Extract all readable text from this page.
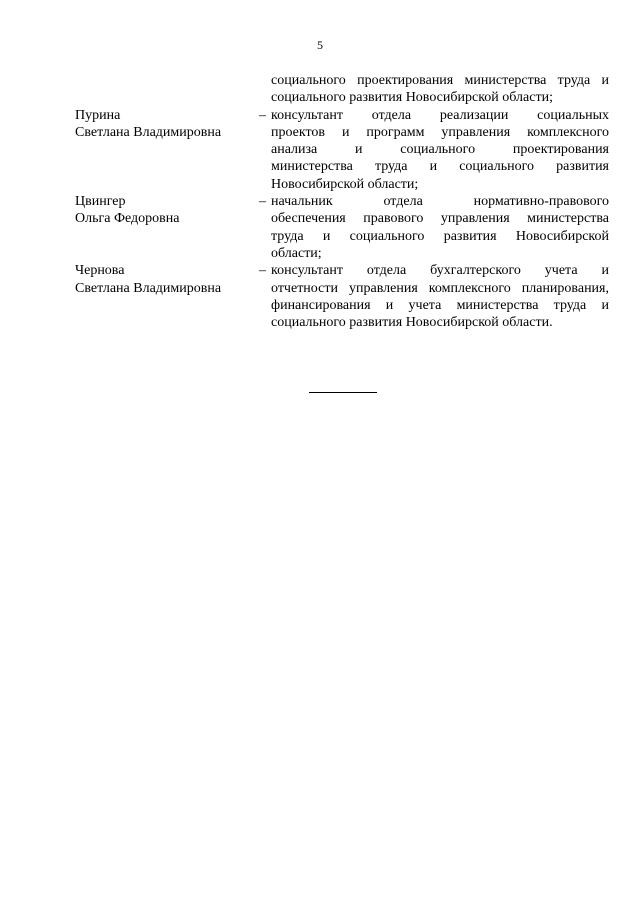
5
социального проектирования министерства труда и
социального развития Новосибирской области;
Пурина
Светлана Владимировна
– консультант отдела реализации социальных
проектов и программ управления комплексного
анализа и социального проектирования
министерства труда и социального развития
Новосибирской области;
Цвингер
Ольга Федоровна
– начальник отдела нормативно-правового
обеспечения правового управления министерства
труда и социального развития Новосибирской
области;
Чернова
Светлана Владимировна
– консультант отдела бухгалтерского учета и
отчетности управления комплексного планирования,
финансирования и учета министерства труда и
социального развития Новосибирской области.
